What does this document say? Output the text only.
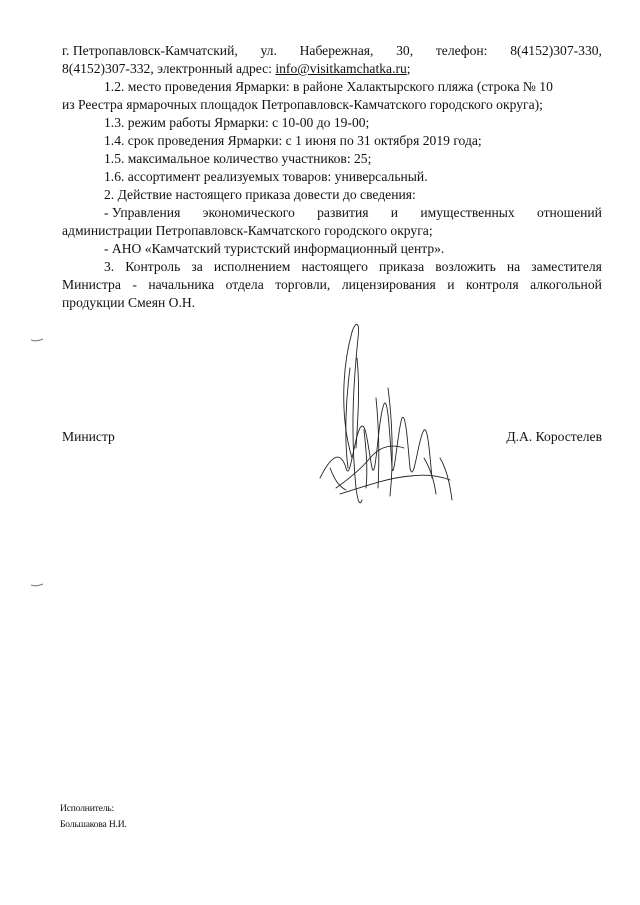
г. Петропавловск-Камчатский, ул. Набережная, 30, телефон: 8(4152)307-330,
8(4152)307-332, электронный адрес: info@visitkamchatka.ru;
1.2. место проведения Ярмарки: в районе Халактырского пляжа (строка № 10
из Реестра ярмарочных площадок Петропавловск-Камчатского городского округа);
1.3. режим работы Ярмарки: с 10-00 до 19-00;
1.4. срок проведения Ярмарки: с 1 июня по 31 октября 2019 года;
1.5. максимальное количество участников: 25;
1.6. ассортимент реализуемых товаров: универсальный.
2. Действие настоящего приказа довести до сведения:
- Управления экономического развития и имущественных отношений
администрации Петропавловск-Камчатского городского округа;
- АНО «Камчатский туристский информационный центр».
3. Контроль за исполнением настоящего приказа возложить на заместителя
Министра - начальника отдела торговли, лицензирования и контроля алкогольной
продукции Смеян О.Н.
Министр	Д.А. Коростелев
Исполнитель:
Большакова Н.И.
